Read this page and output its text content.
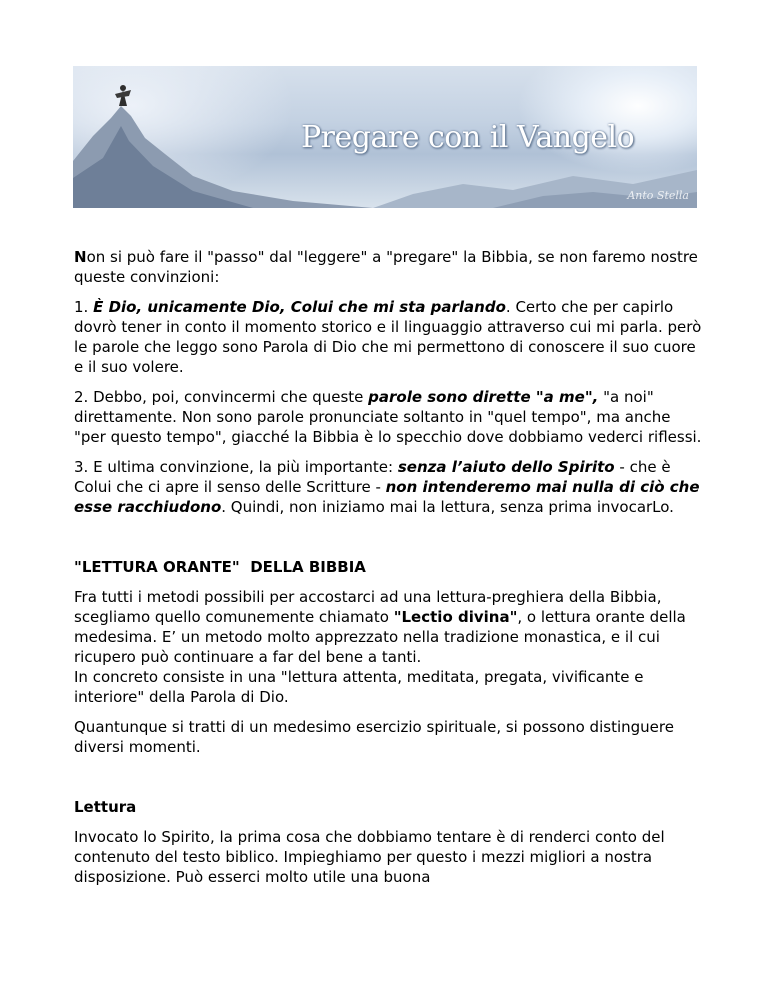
Pregare con il Vangelo
Anto Stella

Non si può fare il "passo" dal "leggere" a "pregare" la Bibbia, se non faremo nostre queste convinzioni:

1. È Dio, unicamente Dio, Colui che mi sta parlando. Certo che per capirlo dovrò tener in conto il momento storico e il linguaggio attraverso cui mi parla. però le parole che leggo sono Parola di Dio che mi permettono di conoscere il suo cuore e il suo volere.

2. Debbo, poi, convincermi che queste parole sono dirette "a me", "a noi" direttamente. Non sono parole pronunciate soltanto in "quel tempo", ma anche "per questo tempo", giacché la Bibbia è lo specchio dove dobbiamo vederci riflessi.

3. E ultima convinzione, la più importante: senza l’aiuto dello Spirito - che è Colui che ci apre il senso delle Scritture - non intenderemo mai nulla di ciò che esse racchiudono. Quindi, non iniziamo mai la lettura, senza prima invocarLo.

"LETTURA ORANTE"  DELLA BIBBIA

Fra tutti i metodi possibili per accostarci ad una lettura-preghiera della Bibbia, scegliamo quello comunemente chiamato "Lectio divina", o lettura orante della medesima. E’ un metodo molto apprezzato nella tradizione monastica, e il cui ricupero può continuare a far del bene a tanti.
In concreto consiste in una "lettura attenta, meditata, pregata, vivificante e interiore" della Parola di Dio.

Quantunque si tratti di un medesimo esercizio spirituale, si possono distinguere diversi momenti.

Lettura

Invocato lo Spirito, la prima cosa che dobbiamo tentare è di renderci conto del contenuto del testo biblico. Impieghiamo per questo i mezzi migliori a nostra disposizione. Può esserci molto utile una buona
